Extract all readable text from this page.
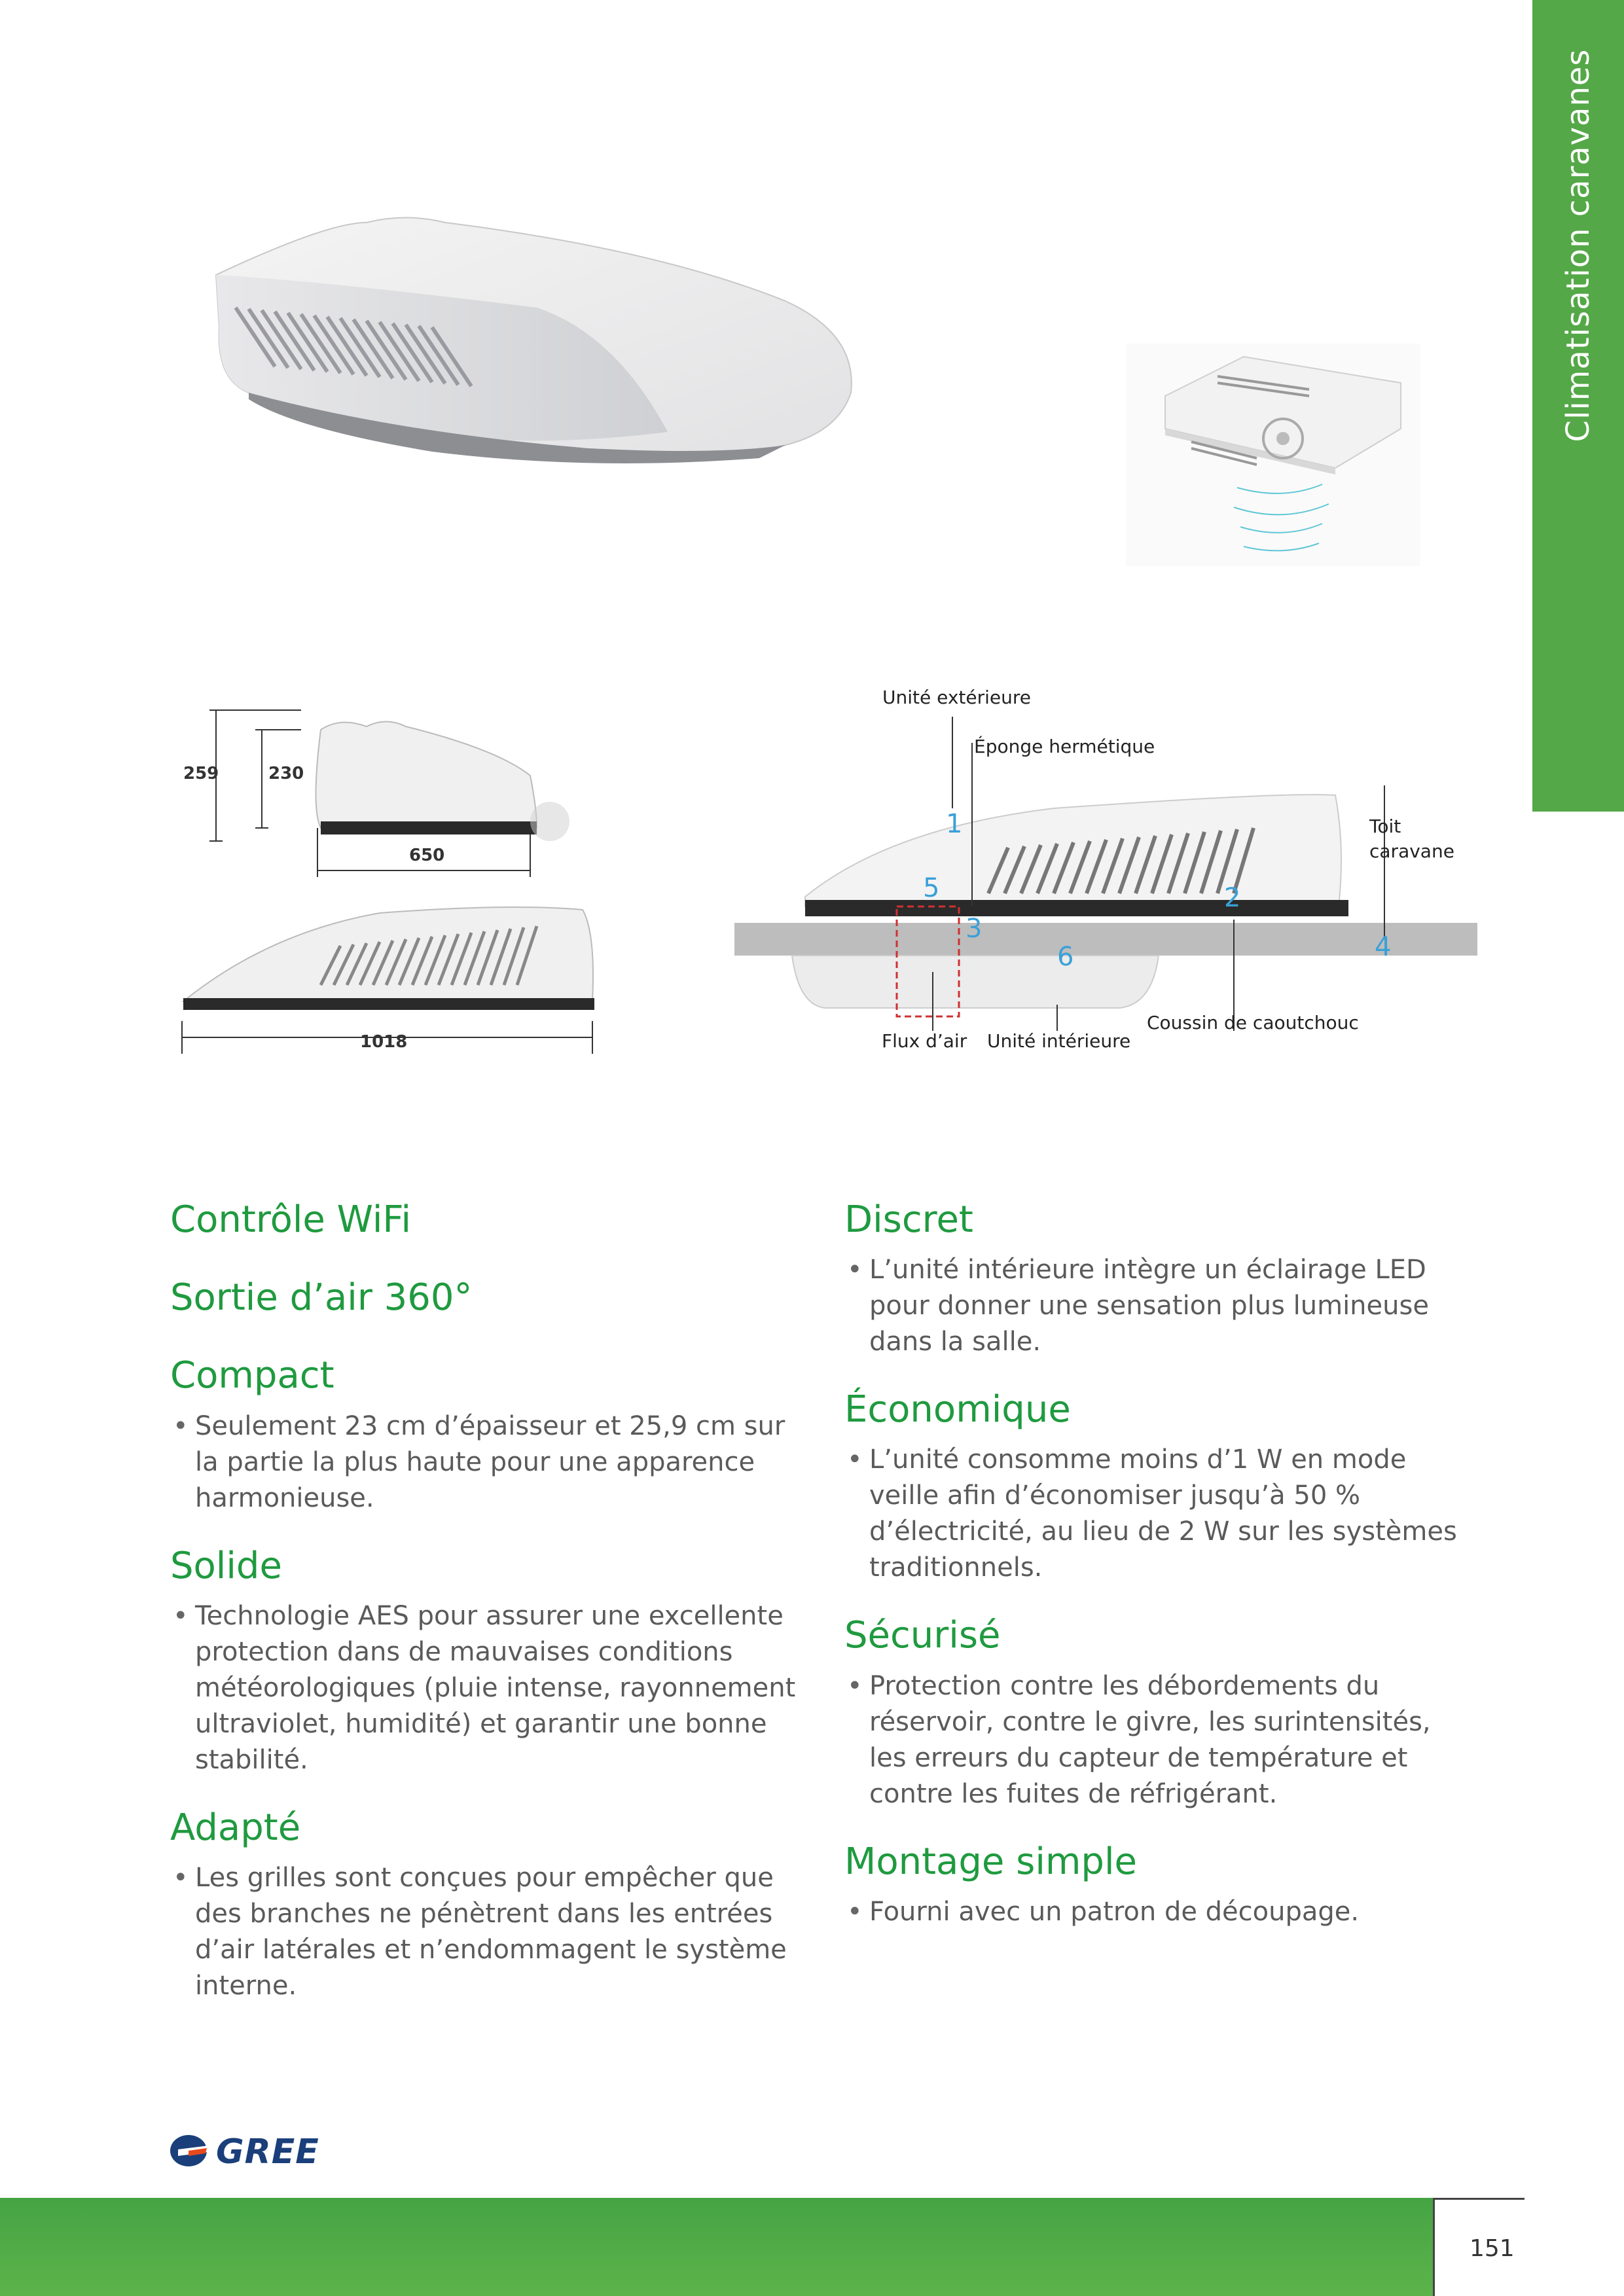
Climatisation caravanes
259	230
650
1018
Unité extérieure
Éponge hermétique
Toit
caravane
Coussin de caoutchouc
Flux d’air Unité intérieure
1
2
3
4
5
6
Contrôle WiFi
Sortie d’air 360°
Compact
• Seulement 23 cm d’épaisseur et 25,9 cm sur la partie la plus haute pour une apparence harmonieuse.
Solide
• Technologie AES pour assurer une excellente protection dans de mauvaises conditions météorologiques (pluie intense, rayonnement ultraviolet, humidité) et garantir une bonne stabilité.
Adapté
• Les grilles sont conçues pour empêcher que des branches ne pénètrent dans les entrées d’air latérales et n’endommagent le système interne.
Discret
• L’unité intérieure intègre un éclairage LED pour donner une sensation plus lumineuse dans la salle.
Économique
• L’unité consomme moins d’1 W en mode veille afin d’économiser jusqu’à 50 % d’électricité, au lieu de 2 W sur les systèmes traditionnels.
Sécurisé
• Protection contre les débordements du réservoir, contre le givre, les surintensités, les erreurs du capteur de température et contre les fuites de réfrigérant.
Montage simple
• Fourni avec un patron de découpage.
GREE
151
